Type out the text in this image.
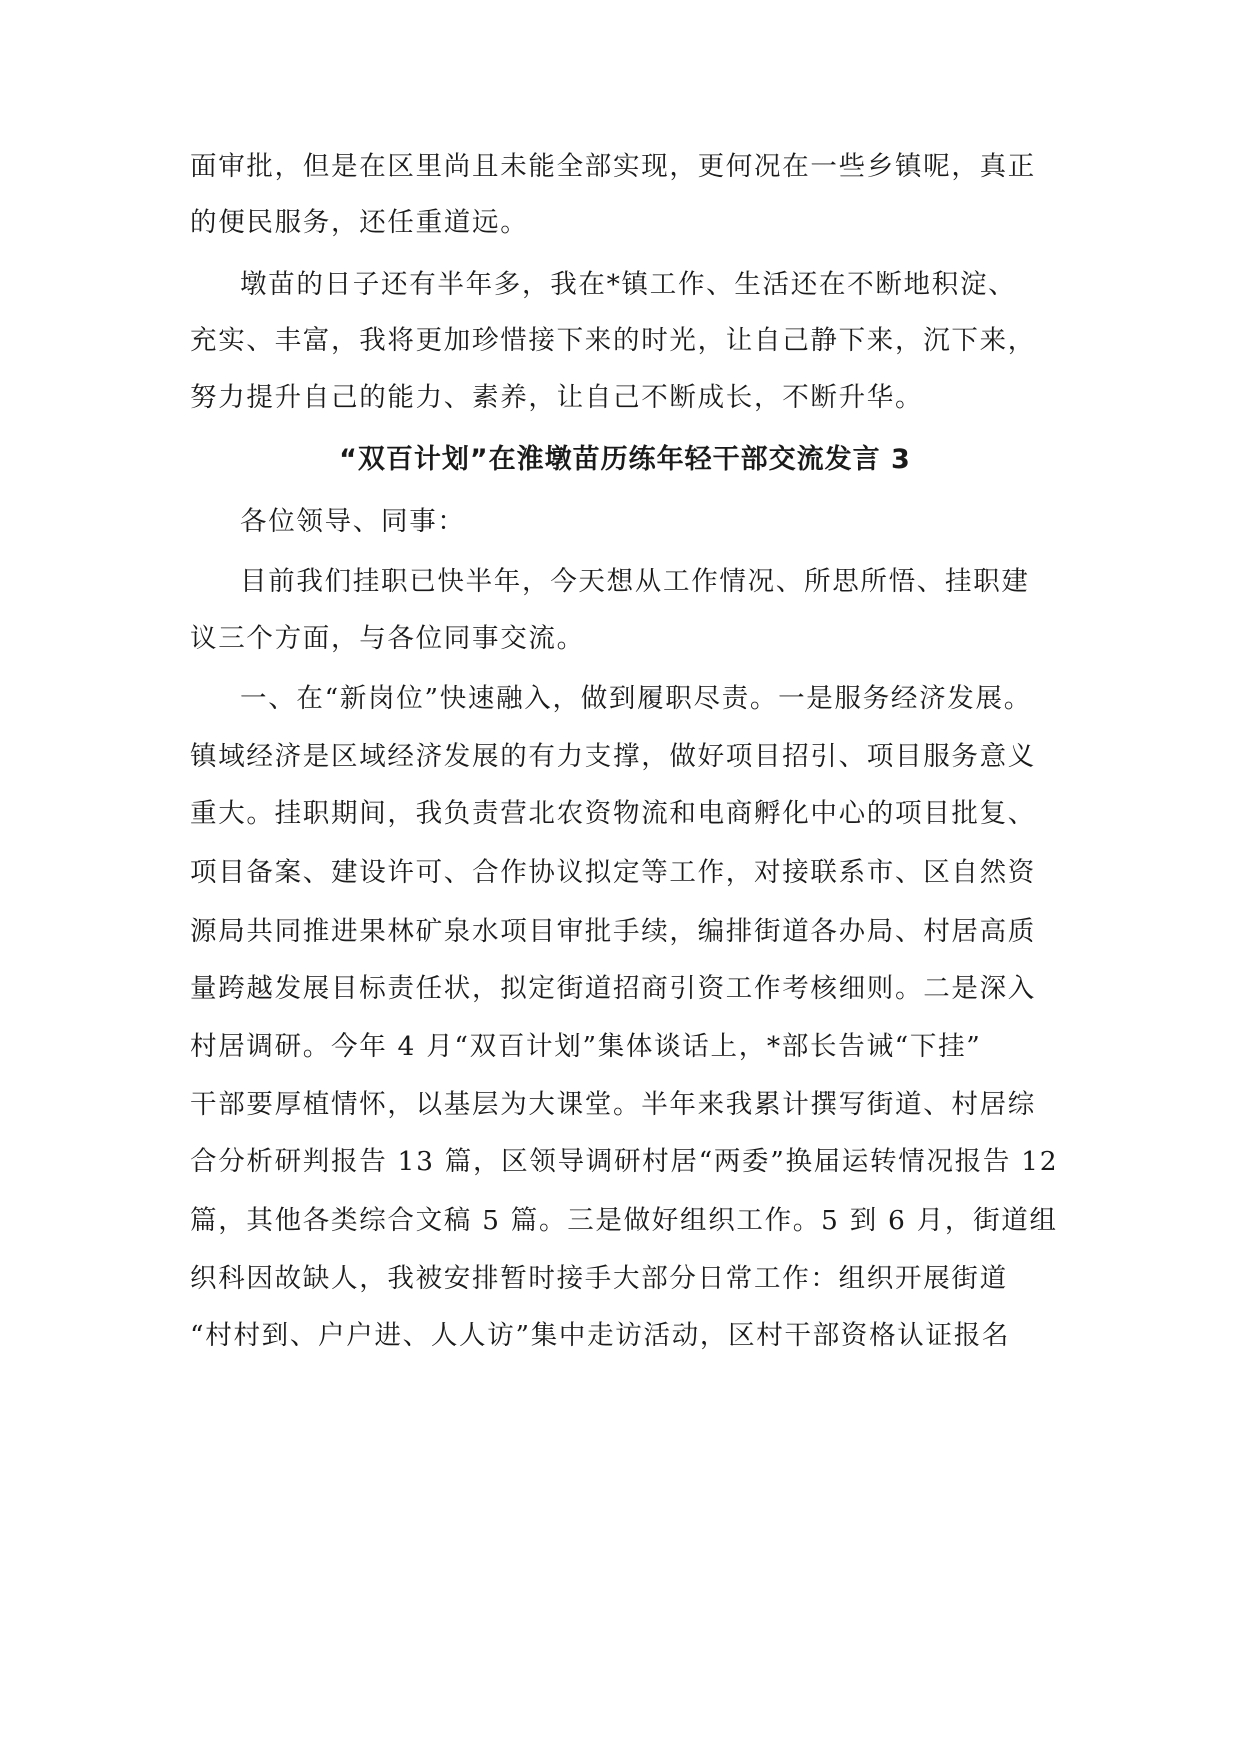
面审批，但是在区里尚且未能全部实现，更何况在一些乡镇呢，真正
的便民服务，还任重道远。
墩苗的日子还有半年多，我在*镇工作、生活还在不断地积淀、
充实、丰富，我将更加珍惜接下来的时光，让自己静下来，沉下来，
努力提升自己的能力、素养，让自己不断成长，不断升华。
“双百计划”在淮墩苗历练年轻干部交流发言 3
各位领导、同事：
目前我们挂职已快半年，今天想从工作情况、所思所悟、挂职建
议三个方面，与各位同事交流。
一、在“新岗位”快速融入，做到履职尽责。一是服务经济发展。
镇域经济是区域经济发展的有力支撑，做好项目招引、项目服务意义
重大。挂职期间，我负责营北农资物流和电商孵化中心的项目批复、
项目备案、建设许可、合作协议拟定等工作，对接联系市、区自然资
源局共同推进果林矿泉水项目审批手续，编排街道各办局、村居高质
量跨越发展目标责任状，拟定街道招商引资工作考核细则。二是深入
村居调研。今年 4 月“双百计划”集体谈话上，*部长告诫“下挂”
干部要厚植情怀，以基层为大课堂。半年来我累计撰写街道、村居综
合分析研判报告 13 篇，区领导调研村居“两委”换届运转情况报告 12
篇，其他各类综合文稿 5 篇。三是做好组织工作。5 到 6 月，街道组
织科因故缺人，我被安排暂时接手大部分日常工作：组织开展街道
“村村到、户户进、人人访”集中走访活动，区村干部资格认证报名
